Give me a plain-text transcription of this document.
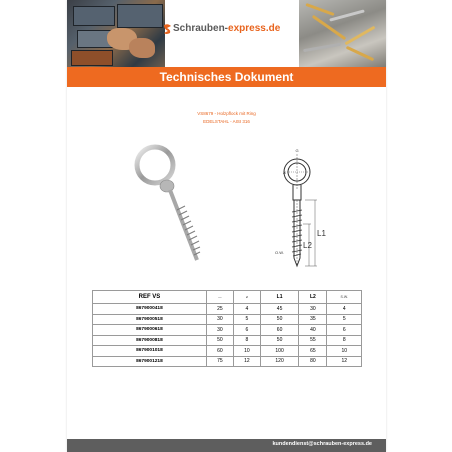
Schrauben-express.de
Technisches Dokument
VS8679 - Holzpflock mit Ring
EDELSTAHL - AISI 316
G
A
L1
L2
O.W.
REF VS	—	⌀	L1	L2	S.W.
8679000418	25	4	45	30	4
8679000518	30	5	50	35	5
8679000618	30	6	60	40	6
8679000818	50	8	50	55	8
8679001018	60	10	100	65	10
8679001218	75	12	120	80	12
kundendienst@schrauben-express.de
